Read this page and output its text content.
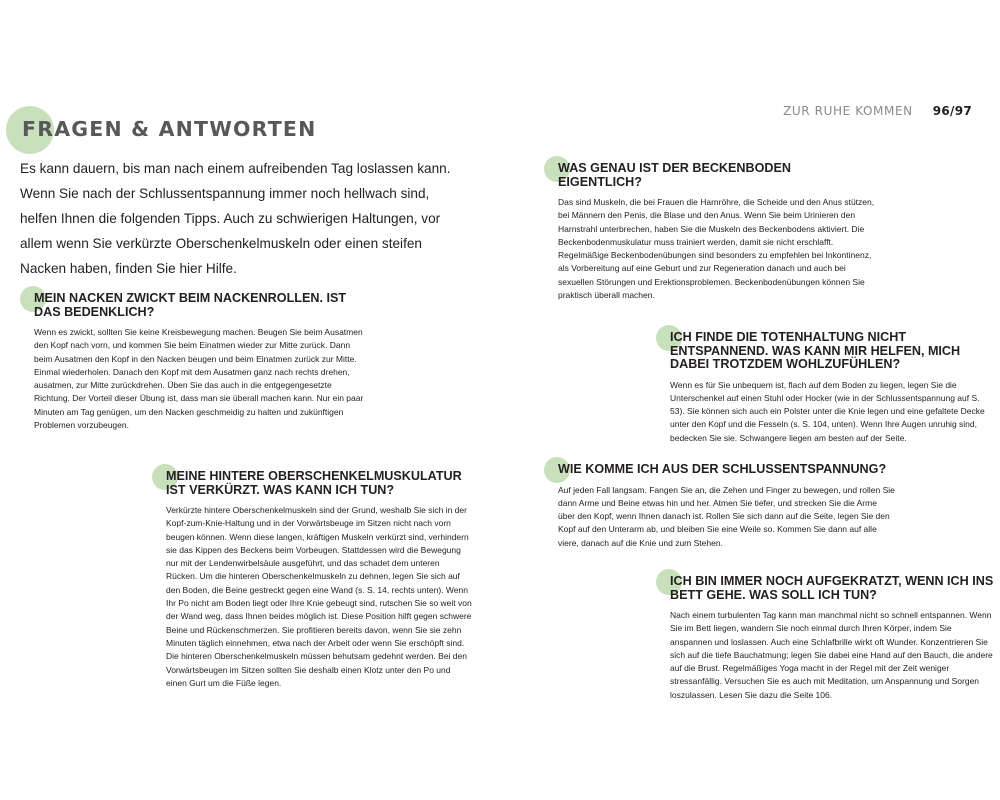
ZUR RUHE KOMMEN 96/97
FRAGEN & ANTWORTEN

Es kann dauern, bis man nach einem aufreibenden Tag loslassen kann. Wenn Sie nach der Schlussentspannung immer noch hellwach sind, helfen Ihnen die folgenden Tipps. Auch zu schwierigen Haltungen, vor allem wenn Sie verkürzte Oberschenkelmuskeln oder einen steifen Nacken haben, finden Sie hier Hilfe.

MEIN NACKEN ZWICKT BEIM NACKENROLLEN. IST DAS BEDENKLICH?

Wenn es zwickt, sollten Sie keine Kreisbewegung machen. Beugen Sie beim Ausatmen den Kopf nach vorn, und kommen Sie beim Einatmen wieder zur Mitte zurück. Dann beim Ausatmen den Kopf in den Nacken beugen und beim Einatmen zurück zur Mitte. Einmal wiederholen. Danach den Kopf mit dem Ausatmen ganz nach rechts drehen, ausatmen, zur Mitte zurückdrehen. Üben Sie das auch in die entgegengesetzte Richtung. Der Vorteil dieser Übung ist, dass man sie überall machen kann. Nur ein paar Minuten am Tag genügen, um den Nacken geschmeidig zu halten und zukünftigen Problemen vorzubeugen.

MEINE HINTERE OBERSCHENKELMUSKULATUR IST VERKÜRZT. WAS KANN ICH TUN?

Verkürzte hintere Oberschenkelmuskeln sind der Grund, weshalb Sie sich in der Kopf-zum-Knie-Haltung und in der Vorwärtsbeuge im Sitzen nicht nach vorn beugen können. Wenn diese langen, kräftigen Muskeln verkürzt sind, verhindern sie das Kippen des Beckens beim Vorbeugen. Stattdessen wird die Bewegung nur mit der Lendenwirbelsäule ausgeführt, und das schadet dem unteren Rücken. Um die hinteren Oberschenkelmuskeln zu dehnen, legen Sie sich auf den Boden, die Beine gestreckt gegen eine Wand (s. S. 14, rechts unten). Wenn Ihr Po nicht am Boden liegt oder Ihre Knie gebeugt sind, rutschen Sie so weit von der Wand weg, dass Ihnen beides möglich ist. Diese Position hilft gegen schwere Beine und Rückenschmerzen. Sie profitieren bereits davon, wenn Sie sie zehn Minuten täglich einnehmen, etwa nach der Arbeit oder wenn Sie erschöpft sind. Die hinteren Oberschenkelmuskeln müssen behutsam gedehnt werden. Bei den Vorwärtsbeugen im Sitzen sollten Sie deshalb einen Klotz unter den Po und einen Gurt um die Füße legen.

WAS GENAU IST DER BECKENBODEN EIGENTLICH?

Das sind Muskeln, die bei Frauen die Harnröhre, die Scheide und den Anus stützen, bei Männern den Penis, die Blase und den Anus. Wenn Sie beim Urinieren den Harnstrahl unterbrechen, haben Sie die Muskeln des Beckenbodens aktiviert. Die Beckenbodenmuskulatur muss trainiert werden, damit sie nicht erschlafft. Regelmäßige Beckenbodenübungen sind besonders zu empfehlen bei Inkontinenz, als Vorbereitung auf eine Geburt und zur Regeneration danach und auch bei sexuellen Störungen und Erektionsproblemen. Beckenbodenübungen können Sie praktisch überall machen.

ICH FINDE DIE TOTENHALTUNG NICHT ENTSPANNEND. WAS KANN MIR HELFEN, MICH DABEI TROTZDEM WOHLZUFÜHLEN?

Wenn es für Sie unbequem ist, flach auf dem Boden zu liegen, legen Sie die Unterschenkel auf einen Stuhl oder Hocker (wie in der Schlussentspannung auf S. 53). Sie können sich auch ein Polster unter die Knie legen und eine gefaltete Decke unter den Kopf und die Fesseln (s. S. 104, unten). Wenn Ihre Augen unruhig sind, bedecken Sie sie. Schwangere liegen am besten auf der Seite.

WIE KOMME ICH AUS DER SCHLUSSENTSPANNUNG?

Auf jeden Fall langsam. Fangen Sie an, die Zehen und Finger zu bewegen, und rollen Sie dann Arme und Beine etwas hin und her. Atmen Sie tiefer, und strecken Sie die Arme über den Kopf, wenn Ihnen danach ist. Rollen Sie sich dann auf die Seite, legen Sie den Kopf auf den Unterarm ab, und bleiben Sie eine Weile so. Kommen Sie dann auf alle viere, danach auf die Knie und zum Stehen.

ICH BIN IMMER NOCH AUFGEKRATZT, WENN ICH INS BETT GEHE. WAS SOLL ICH TUN?

Nach einem turbulenten Tag kann man manchmal nicht so schnell entspannen. Wenn Sie im Bett liegen, wandern Sie noch einmal durch Ihren Körper, indem Sie anspannen und loslassen. Auch eine Schlafbrille wirkt oft Wunder. Konzentrieren Sie sich auf die tiefe Bauchatmung; legen Sie dabei eine Hand auf den Bauch, die andere auf die Brust. Regelmäßiges Yoga macht in der Regel mit der Zeit weniger stressanfällig. Versuchen Sie es auch mit Meditation, um Anspannung und Sorgen loszulassen. Lesen Sie dazu die Seite 106.
